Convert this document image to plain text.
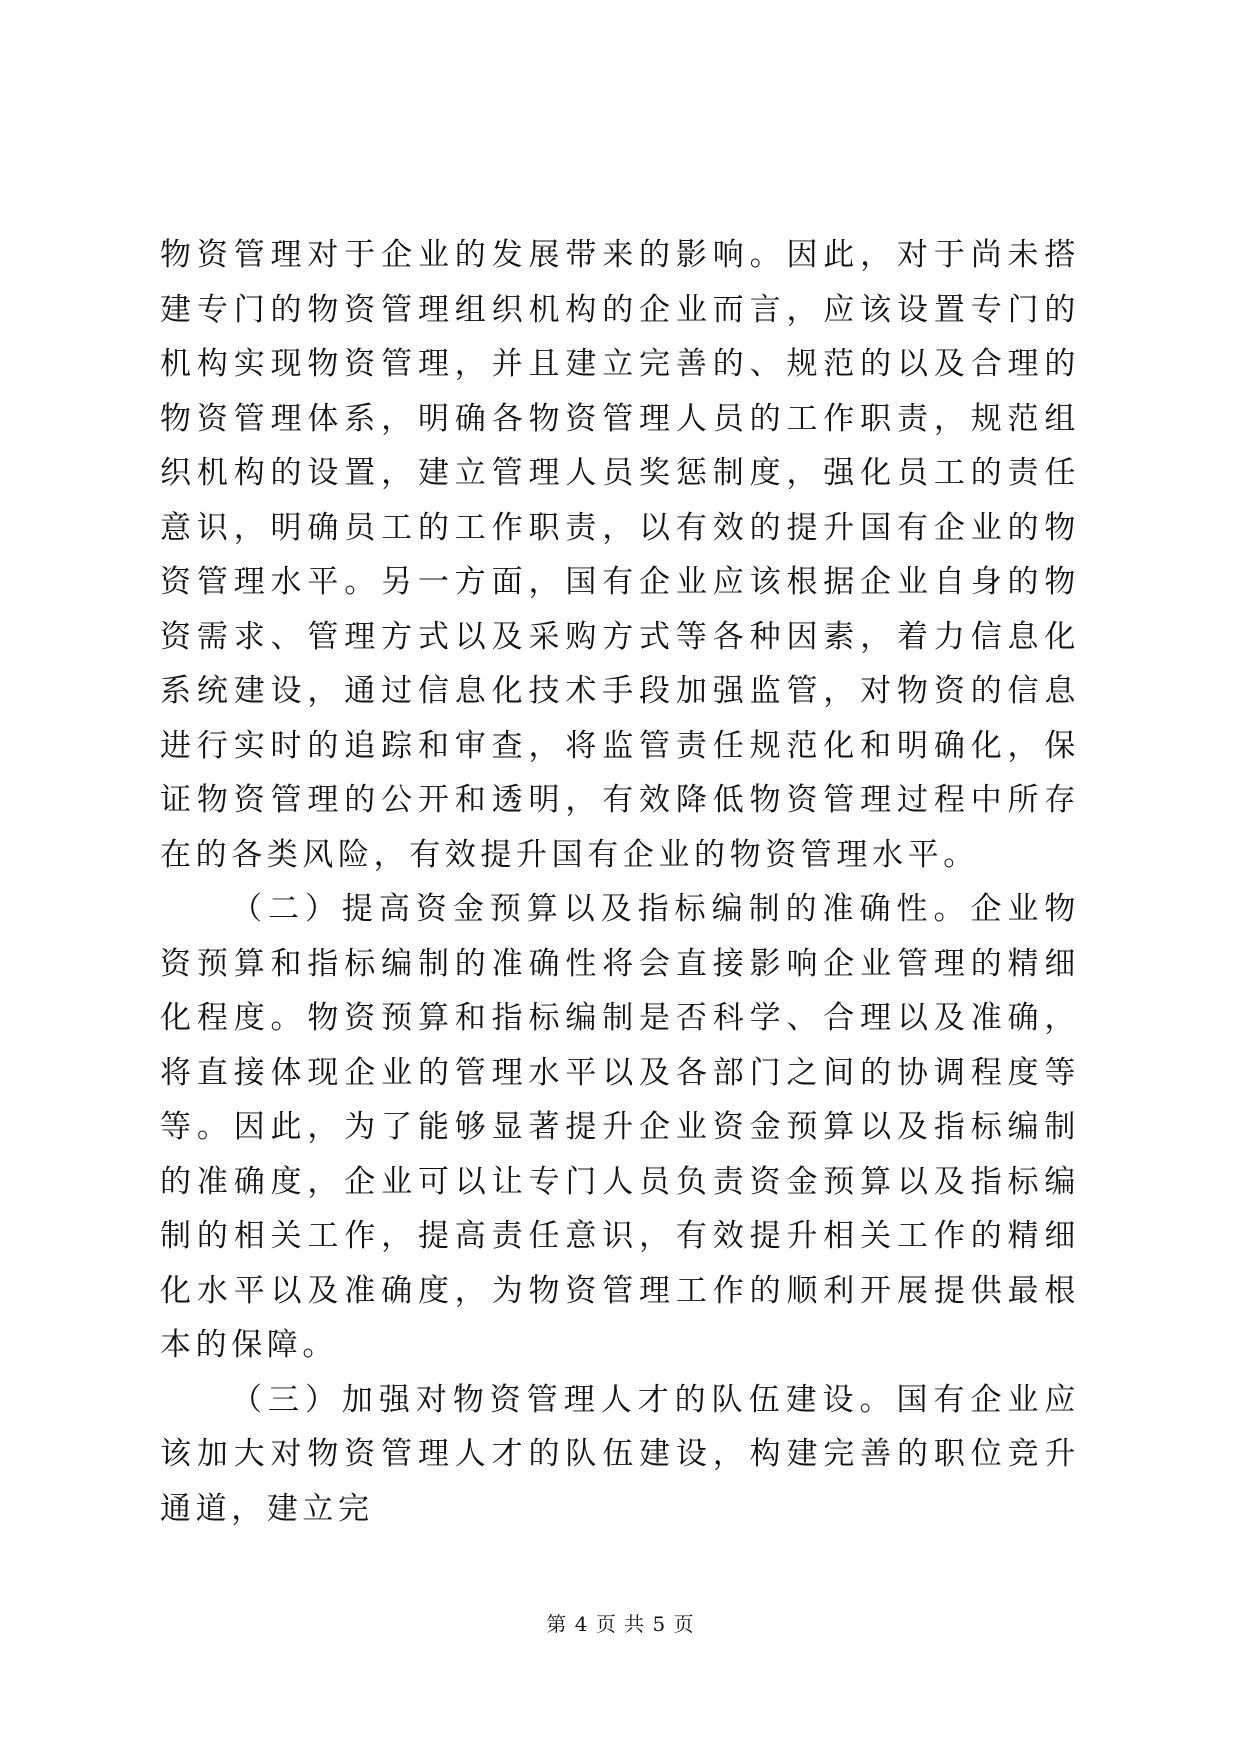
物资管理对于企业的发展带来的影响。因此，对于尚未搭建专门的物资管理组织机构的企业而言，应该设置专门的机构实现物资管理，并且建立完善的、规范的以及合理的物资管理体系，明确各物资管理人员的工作职责，规范组织机构的设置，建立管理人员奖惩制度，强化员工的责任意识，明确员工的工作职责，以有效的提升国有企业的物资管理水平。另一方面，国有企业应该根据企业自身的物资需求、管理方式以及采购方式等各种因素，着力信息化系统建设，通过信息化技术手段加强监管，对物资的信息进行实时的追踪和审查，将监管责任规范化和明确化，保证物资管理的公开和透明，有效降低物资管理过程中所存在的各类风险，有效提升国有企业的物资管理水平。

（二）提高资金预算以及指标编制的准确性。企业物资预算和指标编制的准确性将会直接影响企业管理的精细化程度。物资预算和指标编制是否科学、合理以及准确，将直接体现企业的管理水平以及各部门之间的协调程度等等。因此，为了能够显著提升企业资金预算以及指标编制的准确度，企业可以让专门人员负责资金预算以及指标编制的相关工作，提高责任意识，有效提升相关工作的精细化水平以及准确度，为物资管理工作的顺利开展提供最根本的保障。

（三）加强对物资管理人才的队伍建设。国有企业应该加大对物资管理人才的队伍建设，构建完善的职位竞升通道，建立完

第 4 页 共 5 页
